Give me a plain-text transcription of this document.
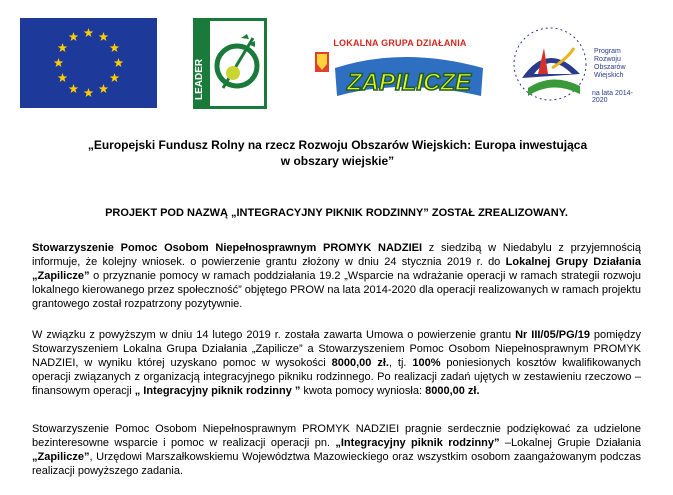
LEADER
LOKALNA GRUPA DZIAŁANIA
ZAPILICZE
Program
Rozwoju
Obszarów
Wiejskich
na lata 2014-2020
„Europejski Fundusz Rolny na rzecz Rozwoju Obszarów Wiejskich: Europa inwestująca
w obszary wiejskie”
PROJEKT POD NAZWĄ „INTEGRACYJNY PIKNIK RODZINNY” ZOSTAŁ ZREALIZOWANY.
Stowarzyszenie Pomoc Osobom Niepełnosprawnym PROMYK NADZIEI z siedzibą w Niedabylu z przyjemnością informuje, że kolejny wniosek. o powierzenie grantu złożony w dniu 24 stycznia 2019 r. do Lokalnej Grupy Działania „Zapilicze” o przyznanie pomocy w ramach poddziałania 19.2 „Wsparcie na wdrażanie operacji w ramach strategii rozwoju lokalnego kierowanego przez społeczność” objętego PROW na lata 2014-2020 dla operacji realizowanych w ramach projektu grantowego został rozpatrzony pozytywnie.
W związku z powyższym w dniu 14 lutego 2019 r. została zawarta Umowa o powierzenie grantu Nr III/05/PG/19 pomiędzy Stowarzyszeniem Lokalna Grupa Działania „Zapilicze” a Stowarzyszeniem Pomoc Osobom Niepełnosprawnym PROMYK NADZIEI, w wyniku której uzyskano pomoc w wysokości 8000,00 zł., tj. 100% poniesionych kosztów kwalifikowanych operacji związanych z organizacją integracyjnego pikniku rodzinnego. Po realizacji zadań ujętych w zestawieniu rzeczowo – finansowym operacji „ Integracyjny piknik rodzinny ” kwota pomocy wyniosła: 8000,00 zł.
Stowarzyszenie Pomoc Osobom Niepełnosprawnym PROMYK NADZIEI pragnie serdecznie podziękować za udzielone bezinteresowne wsparcie i pomoc w realizacji operacji pn. „Integracyjny piknik rodzinny” –Lokalnej Grupie Działania „Zapilicze”, Urzędowi Marszałkowskiemu Województwa Mazowieckiego oraz wszystkim osobom zaangażowanym podczas realizacji powyższego zadania.
